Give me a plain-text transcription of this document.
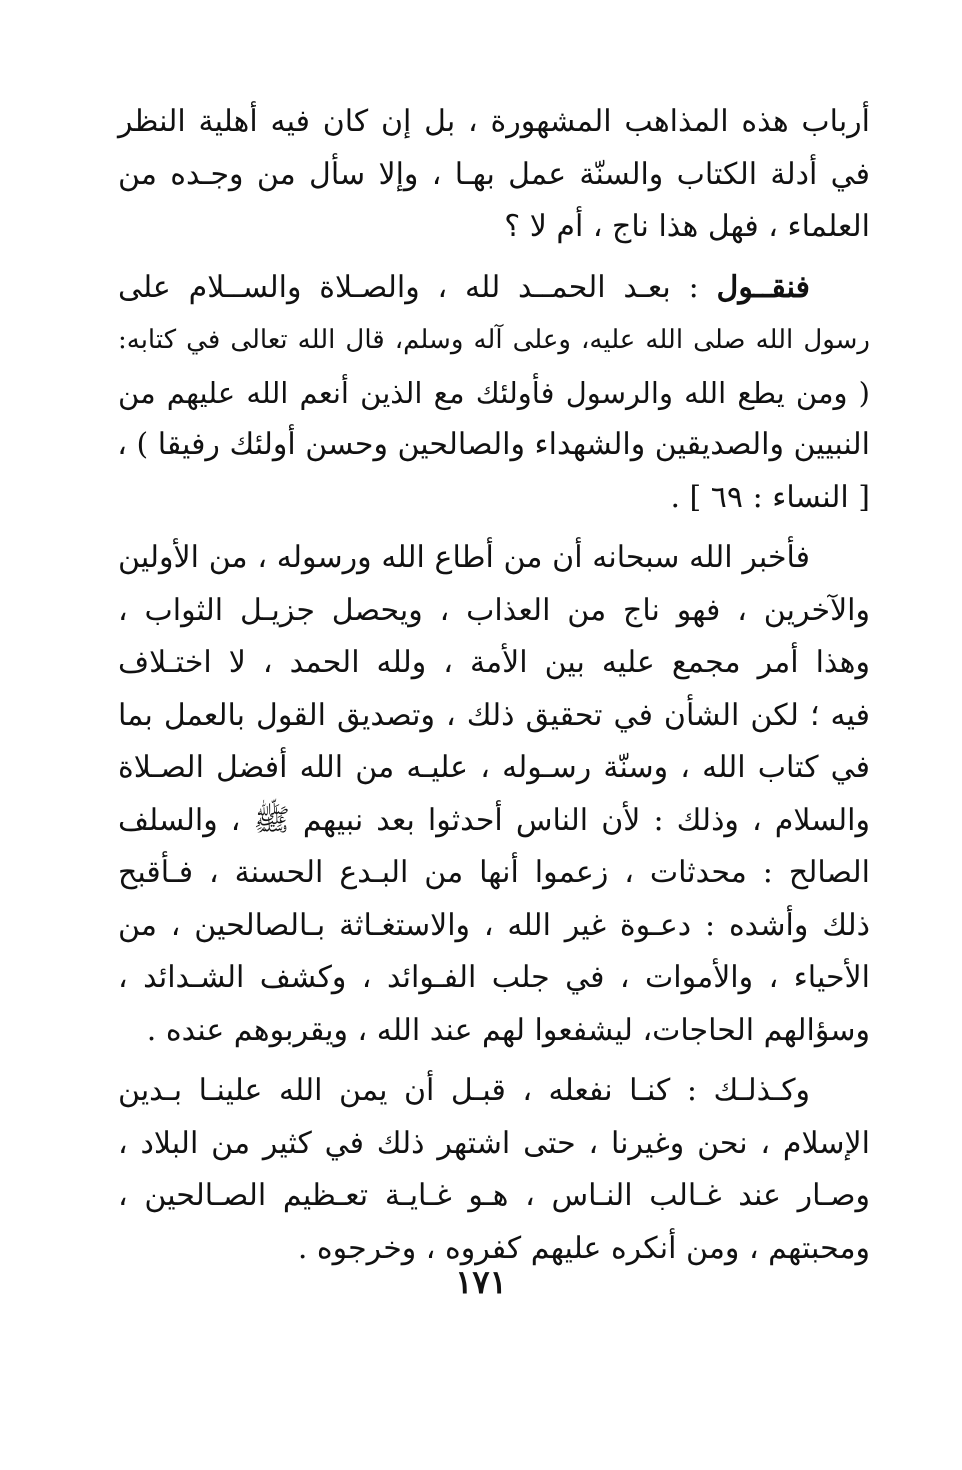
أرباب هذه المذاهب المشهورة ، بل إن كان فيه أهلية النظر
في أدلة الكتاب والسنّة عمل بهـا ، وإلا سأل من وجـده من
العلماء ، فهل هذا ناج ، أم لا ؟
فنقــول : بعـد الحمــد لله ، والصـلاة والســلام على
رسول الله صلى الله عليه، وعلى آله وسلم، قال الله تعالى في كتابه:
( ومن يطع الله والرسول فأولئك مع الذين أنعم الله عليهم من
النبيين والصديقين والشهداء والصالحين وحسن أولئك رفيقا ) ،
[ النساء : ٦٩ ] .
فأخبر الله سبحانه أن من أطاع الله ورسوله ، من الأولين
والآخرين ، فهو ناج من العذاب ، ويحصل جزيـل الثواب ،
وهذا أمر مجمع عليه بين الأمة ، ولله الحمد ، لا اختـلاف
فيه ؛ لكن الشأن في تحقيق ذلك ، وتصديق القول بالعمل بما
في كتاب الله ، وسنّة رسـوله ، عليـه من الله أفضل الصـلاة
والسلام ، وذلك : لأن الناس أحدثوا بعد نبيهم ﷺ ، والسلف
الصالح : محدثات ، زعموا أنها من البـدع الحسنة ، فـأقبح
ذلك وأشده : دعـوة غير الله ، والاستغـاثة بـالصالحين ، من
الأحياء ، والأموات ، في جلب الفـوائد ، وكشف الشـدائد ،
وسؤالهم الحاجات، ليشفعوا لهم عند الله ، ويقربوهم عنده .
وكـذلـك : كنـا نفعله ، قبـل أن يمن الله علينـا بـدين
الإسلام ، نحن وغيرنا ، حتى اشتهر ذلك في كثير من البلاد ،
وصـار عند غـالب النـاس ، هـو غـايـة تعـظيم الصـالحين ،
ومحبتهم ، ومن أنكره عليهم كفروه ، وخرجوه .
١٧١
